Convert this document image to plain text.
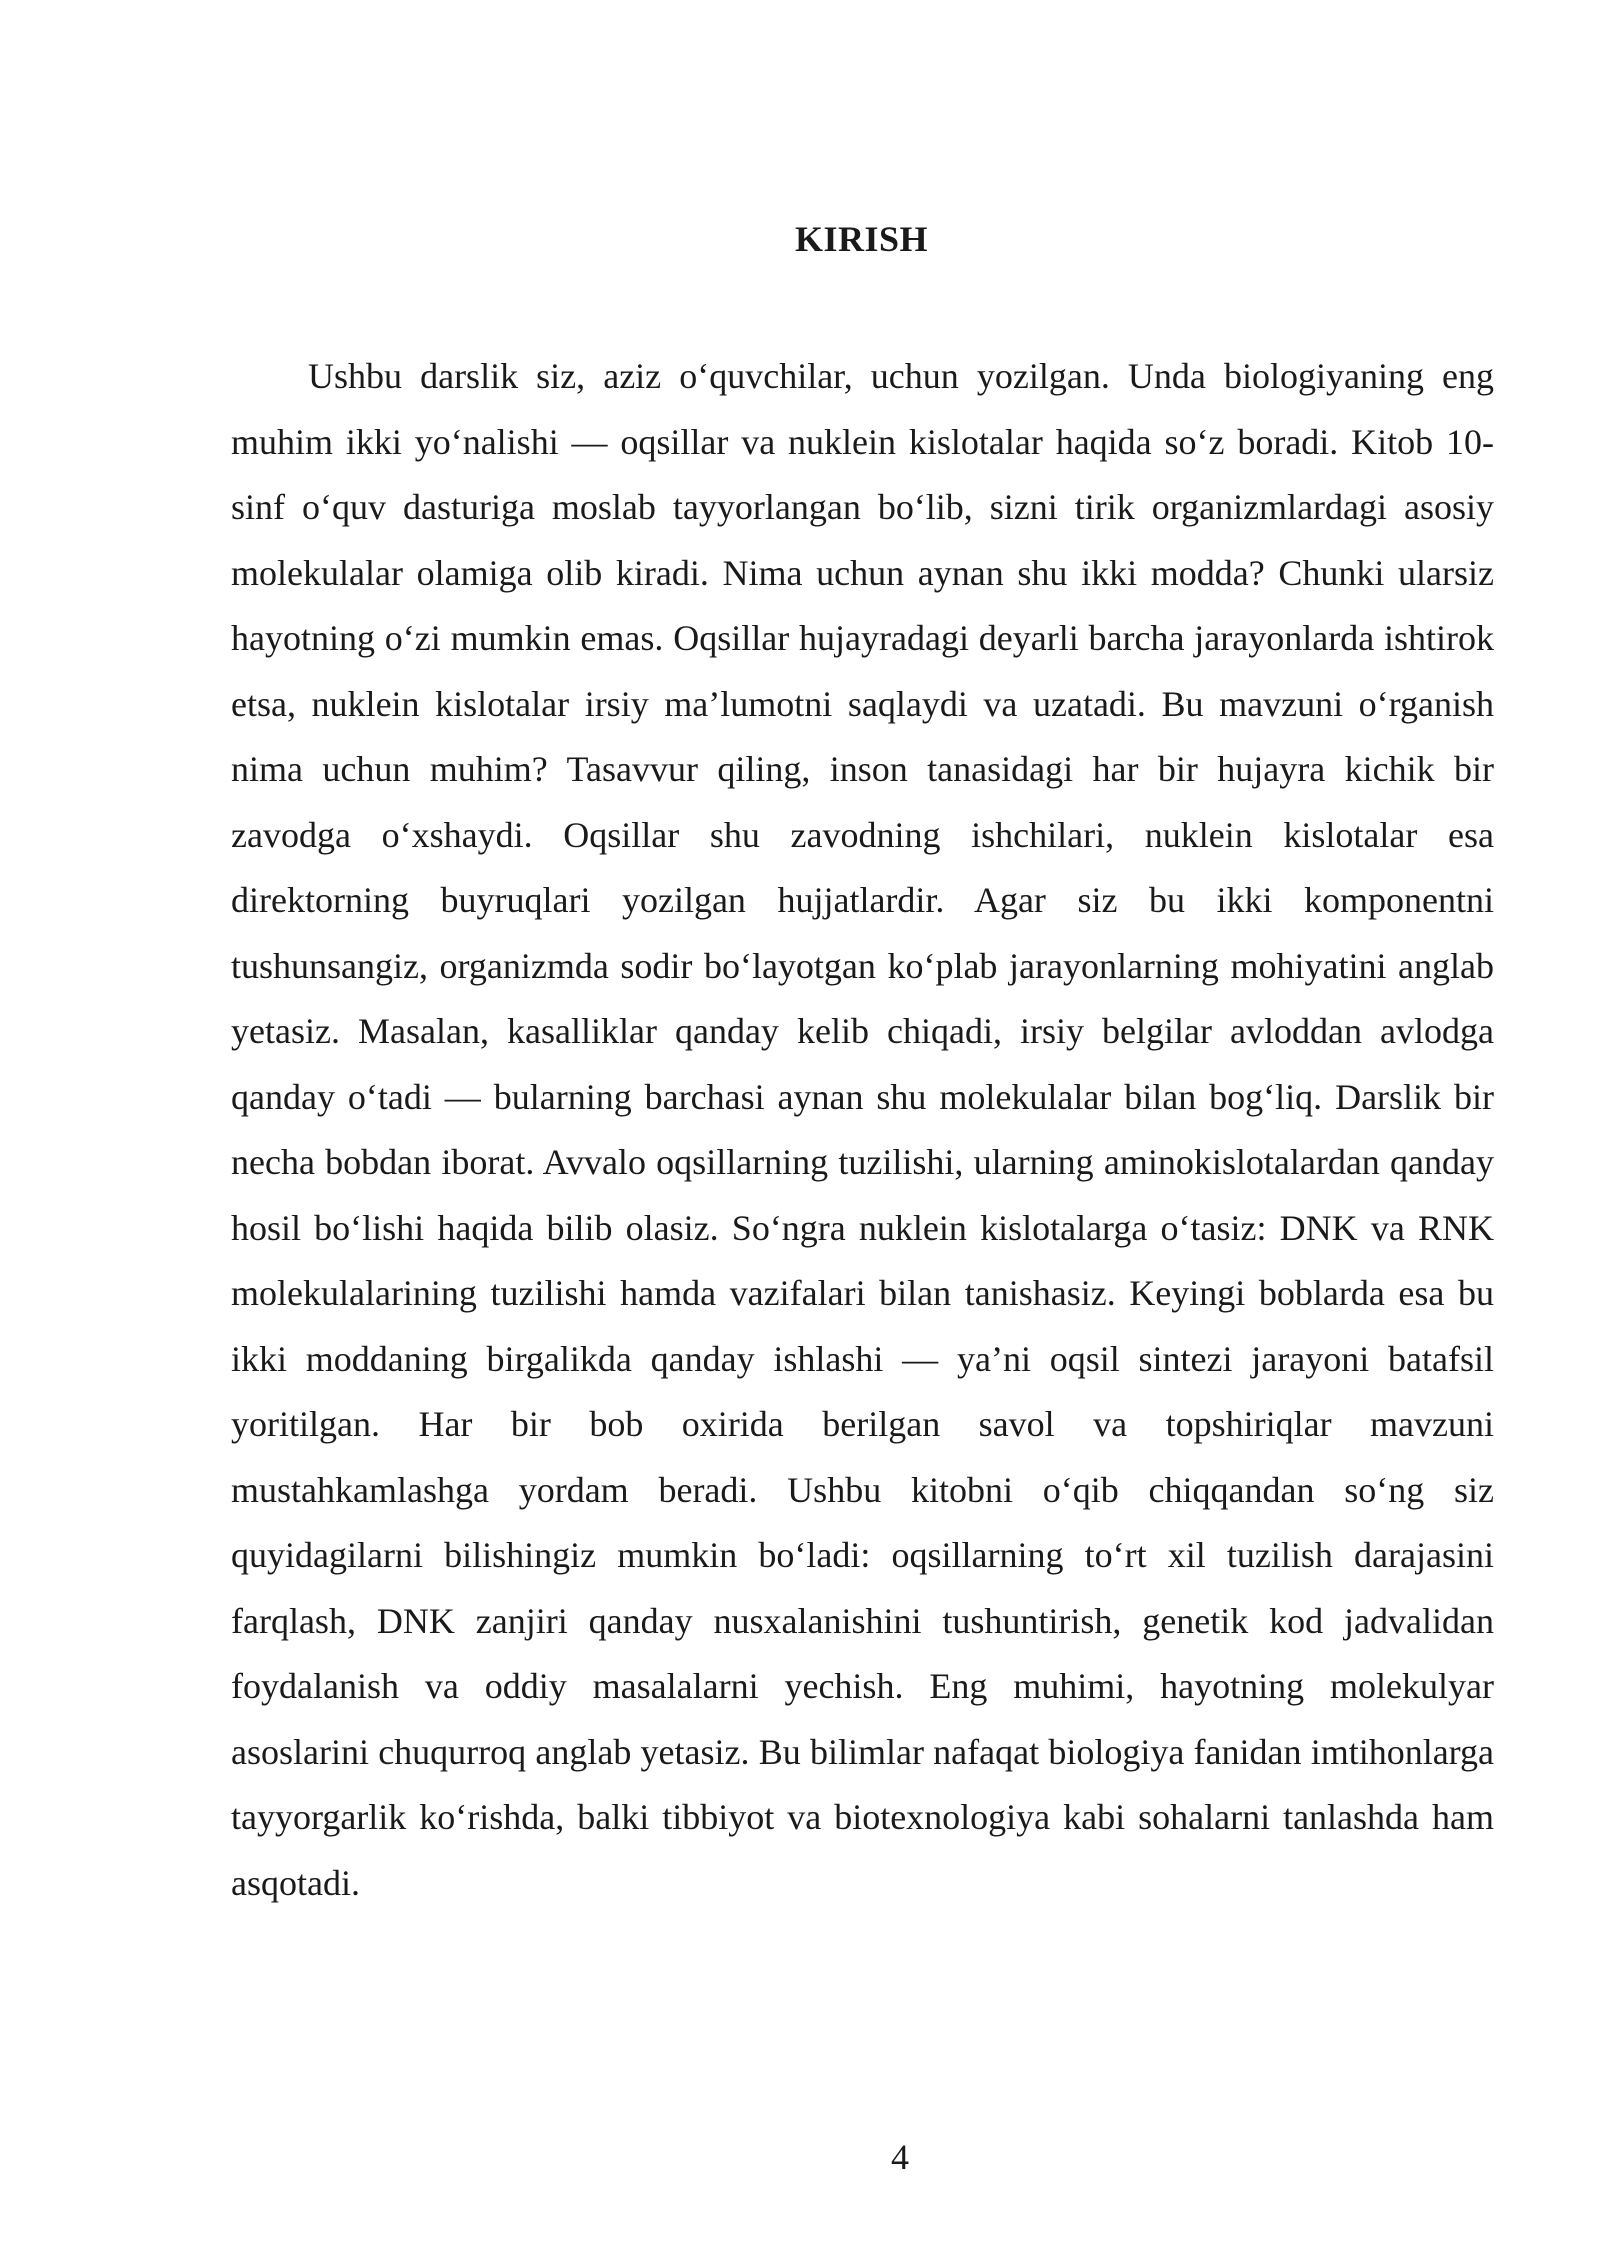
KIRISH

Ushbu darslik siz, aziz o‘quvchilar, uchun yozilgan. Unda biologiyaning eng muhim ikki yo‘nalishi — oqsillar va nuklein kislotalar haqida so‘z boradi. Kitob 10-sinf o‘quv dasturiga moslab tayyorlangan bo‘lib, sizni tirik organizmlardagi asosiy molekulalar olamiga olib kiradi. Nima uchun aynan shu ikki modda? Chunki ularsiz hayotning o‘zi mumkin emas. Oqsillar hujayradagi deyarli barcha jarayonlarda ishtirok etsa, nuklein kislotalar irsiy ma’lumotni saqlaydi va uzatadi. Bu mavzuni o‘rganish nima uchun muhim? Tasavvur qiling, inson tanasidagi har bir hujayra kichik bir zavodga o‘xshaydi. Oqsillar shu zavodning ishchilari, nuklein kislotalar esa direktorning buyruqlari yozilgan hujjatlardir. Agar siz bu ikki komponentni tushunsangiz, organizmda sodir bo‘layotgan ko‘plab jarayonlarning mohiyatini anglab yetasiz. Masalan, kasalliklar qanday kelib chiqadi, irsiy belgilar avloddan avlodga qanday o‘tadi — bularning barchasi aynan shu molekulalar bilan bog‘liq. Darslik bir necha bobdan iborat. Avvalo oqsillarning tuzilishi, ularning aminokislotalardan qanday hosil bo‘lishi haqida bilib olasiz. So‘ngra nuklein kislotalarga o‘tasiz: DNK va RNK molekulalarining tuzilishi hamda vazifalari bilan tanishasiz. Keyingi boblarda esa bu ikki moddaning birgalikda qanday ishlashi — ya’ni oqsil sintezi jarayoni batafsil yoritilgan. Har bir bob oxirida berilgan savol va topshiriqlar mavzuni mustahkamlashga yordam beradi. Ushbu kitobni o‘qib chiqqandan so‘ng siz quyidagilarni bilishingiz mumkin bo‘ladi: oqsillarning to‘rt xil tuzilish darajasini farqlash, DNK zanjiri qanday nusxalanishini tushuntirish, genetik kod jadvalidan foydalanish va oddiy masalalarni yechish. Eng muhimi, hayotning molekulyar asoslarini chuqurroq anglab yetasiz. Bu bilimlar nafaqat biologiya fanidan imtihonlarga tayyorgarlik ko‘rishda, balki tibbiyot va biotexnologiya kabi sohalarni tanlashda ham asqotadi.

4
